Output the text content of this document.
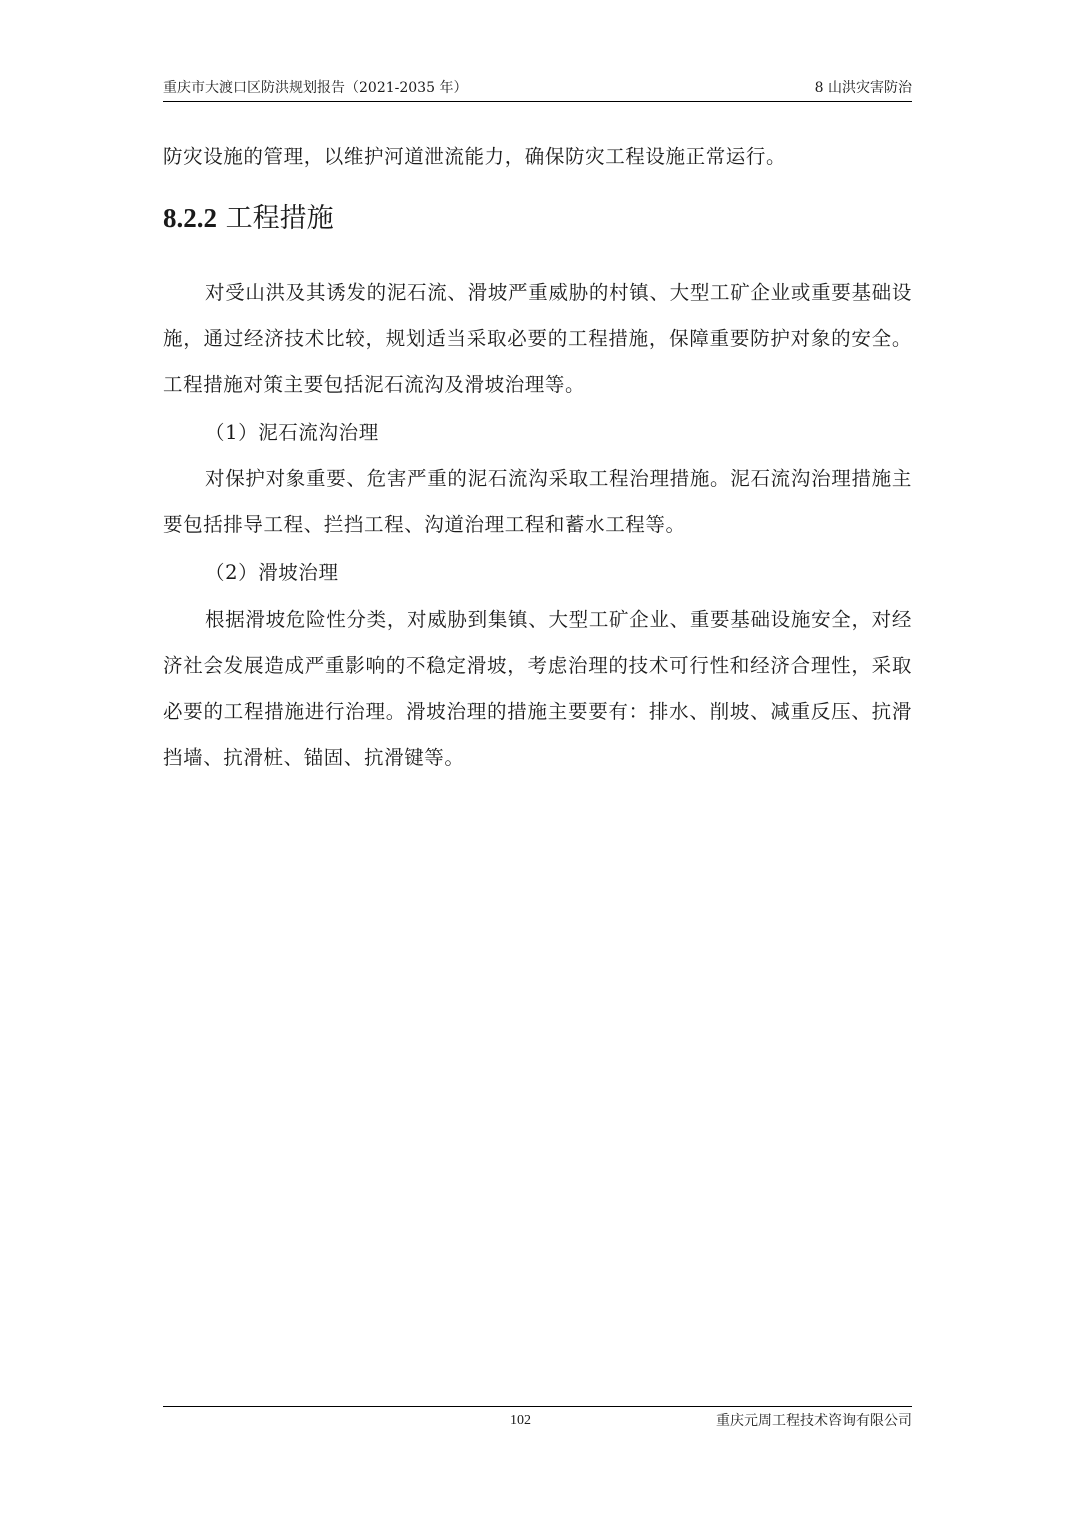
重庆市大渡口区防洪规划报告（2021-2035 年）	8 山洪灾害防治

防灾设施的管理，以维护河道泄流能力，确保防灾工程设施正常运行。

8.2.2 工程措施

对受山洪及其诱发的泥石流、滑坡严重威胁的村镇、大型工矿企业或重要基础设施，通过经济技术比较，规划适当采取必要的工程措施，保障重要防护对象的安全。工程措施对策主要包括泥石流沟及滑坡治理等。

（1）泥石流沟治理

对保护对象重要、危害严重的泥石流沟采取工程治理措施。泥石流沟治理措施主要包括排导工程、拦挡工程、沟道治理工程和蓄水工程等。

（2）滑坡治理

根据滑坡危险性分类，对威胁到集镇、大型工矿企业、重要基础设施安全，对经济社会发展造成严重影响的不稳定滑坡，考虑治理的技术可行性和经济合理性，采取必要的工程措施进行治理。滑坡治理的措施主要要有：排水、削坡、减重反压、抗滑挡墙、抗滑桩、锚固、抗滑键等。

102	重庆元周工程技术咨询有限公司
